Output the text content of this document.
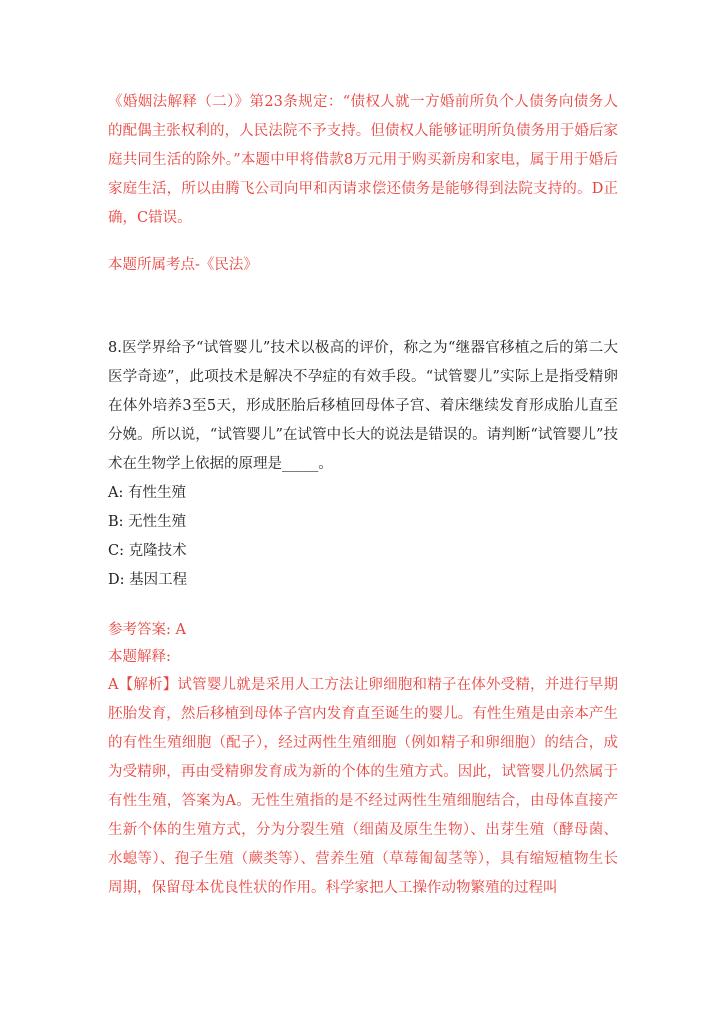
《婚姻法解释（二）》第23条规定：“债权人就一方婚前所负个人债务向债务人的配偶主张权利的，人民法院不予支持。但债权人能够证明所负债务用于婚后家庭共同生活的除外。”本题中甲将借款8万元用于购买新房和家电，属于用于婚后家庭生活，所以由腾飞公司向甲和丙请求偿还债务是能够得到法院支持的。D正确，C错误。

本题所属考点-《民法》

8.医学界给予“试管婴儿”技术以极高的评价，称之为“继器官移植之后的第二大医学奇迹”，此项技术是解决不孕症的有效手段。“试管婴儿”实际上是指受精卵在体外培养3至5天，形成胚胎后移植回母体子宫、着床继续发育形成胎儿直至分娩。所以说，“试管婴儿”在试管中长大的说法是错误的。请判断“试管婴儿”技术在生物学上依据的原理是_____。

A: 有性生殖

B: 无性生殖

C: 克隆技术

D: 基因工程

参考答案: A

本题解释:

A【解析】试管婴儿就是采用人工方法让卵细胞和精子在体外受精，并进行早期胚胎发育，然后移植到母体子宫内发育直至诞生的婴儿。有性生殖是由亲本产生的有性生殖细胞（配子），经过两性生殖细胞（例如精子和卵细胞）的结合，成为受精卵，再由受精卵发育成为新的个体的生殖方式。因此，试管婴儿仍然属于有性生殖，答案为A。无性生殖指的是不经过两性生殖细胞结合，由母体直接产生新个体的生殖方式，分为分裂生殖（细菌及原生生物）、出芽生殖（酵母菌、水螅等）、孢子生殖（蕨类等）、营养生殖（草莓匍匐茎等），具有缩短植物生长周期，保留母本优良性状的作用。科学家把人工操作动物繁殖的过程叫
